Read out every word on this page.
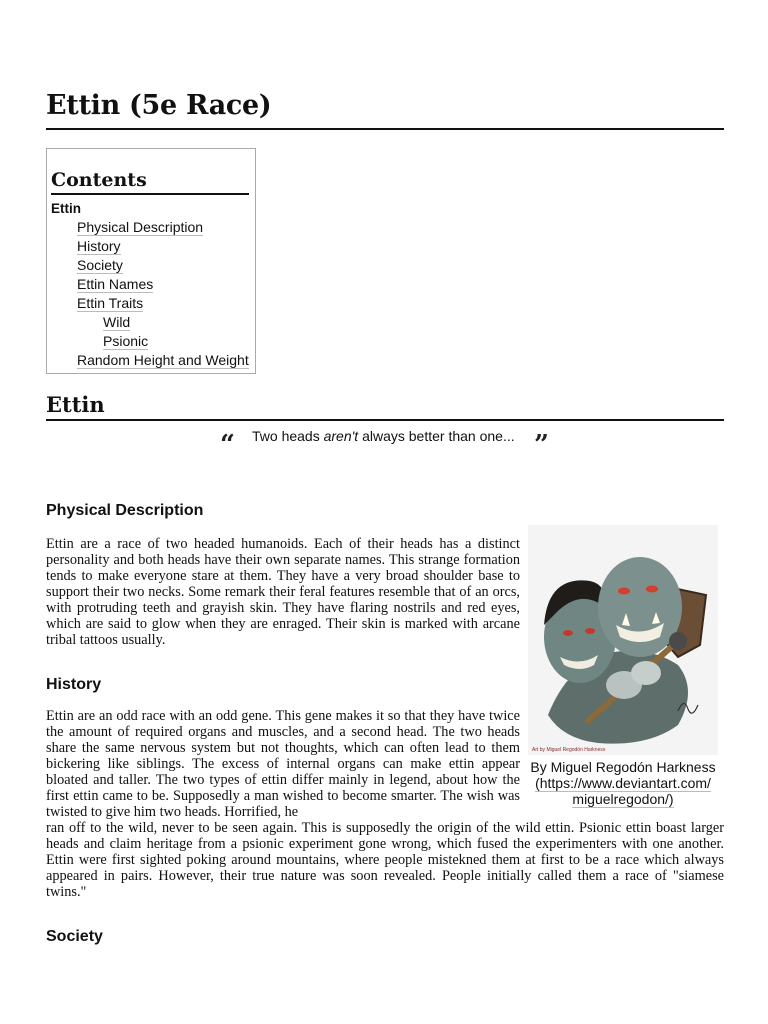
Ettin (5e Race)
Contents
Ettin
Physical Description
History
Society
Ettin Names
Ettin Traits
Wild
Psionic
Random Height and Weight
Ettin
“ Two heads aren't always better than one... ”
Physical Description

Ettin are a race of two headed humanoids. Each of their heads has a distinct personality and both heads have their own separate names. This strange formation tends to make everyone stare at them. They have a very broad shoulder base to support their two necks. Some remark their feral features resemble that of an orcs, with protruding teeth and grayish skin. They have flaring nostrils and red eyes, which are said to glow when they are enraged. Their skin is marked with arcane tribal tattoos usually.

History

Ettin are an odd race with an odd gene. This gene makes it so that they have twice the amount of required organs and muscles, and a second head. The two heads share the same nervous system but not thoughts, which can often lead to them bickering like siblings. The excess of internal organs can make ettin appear bloated and taller. The two types of ettin differ mainly in legend, about how the first ettin came to be. Supposedly a man wished to become smarter. The wish was twisted to give him two heads. Horrified, he

ran off to the wild, never to be seen again. This is supposedly the origin of the wild ettin. Psionic ettin boast larger heads and claim heritage from a psionic experiment gone wrong, which fused the experimenters with one another. Ettin were first sighted poking around mountains, where people mistekned them at first to be a race which always appeared in pairs. However, their true nature was soon revealed. People initially called them a race of "siamese twins."

Art by Miguel Regodón Harkness
By Miguel Regodón Harkness
(https://www.deviantart.com/ miguelregodon/)
Society
